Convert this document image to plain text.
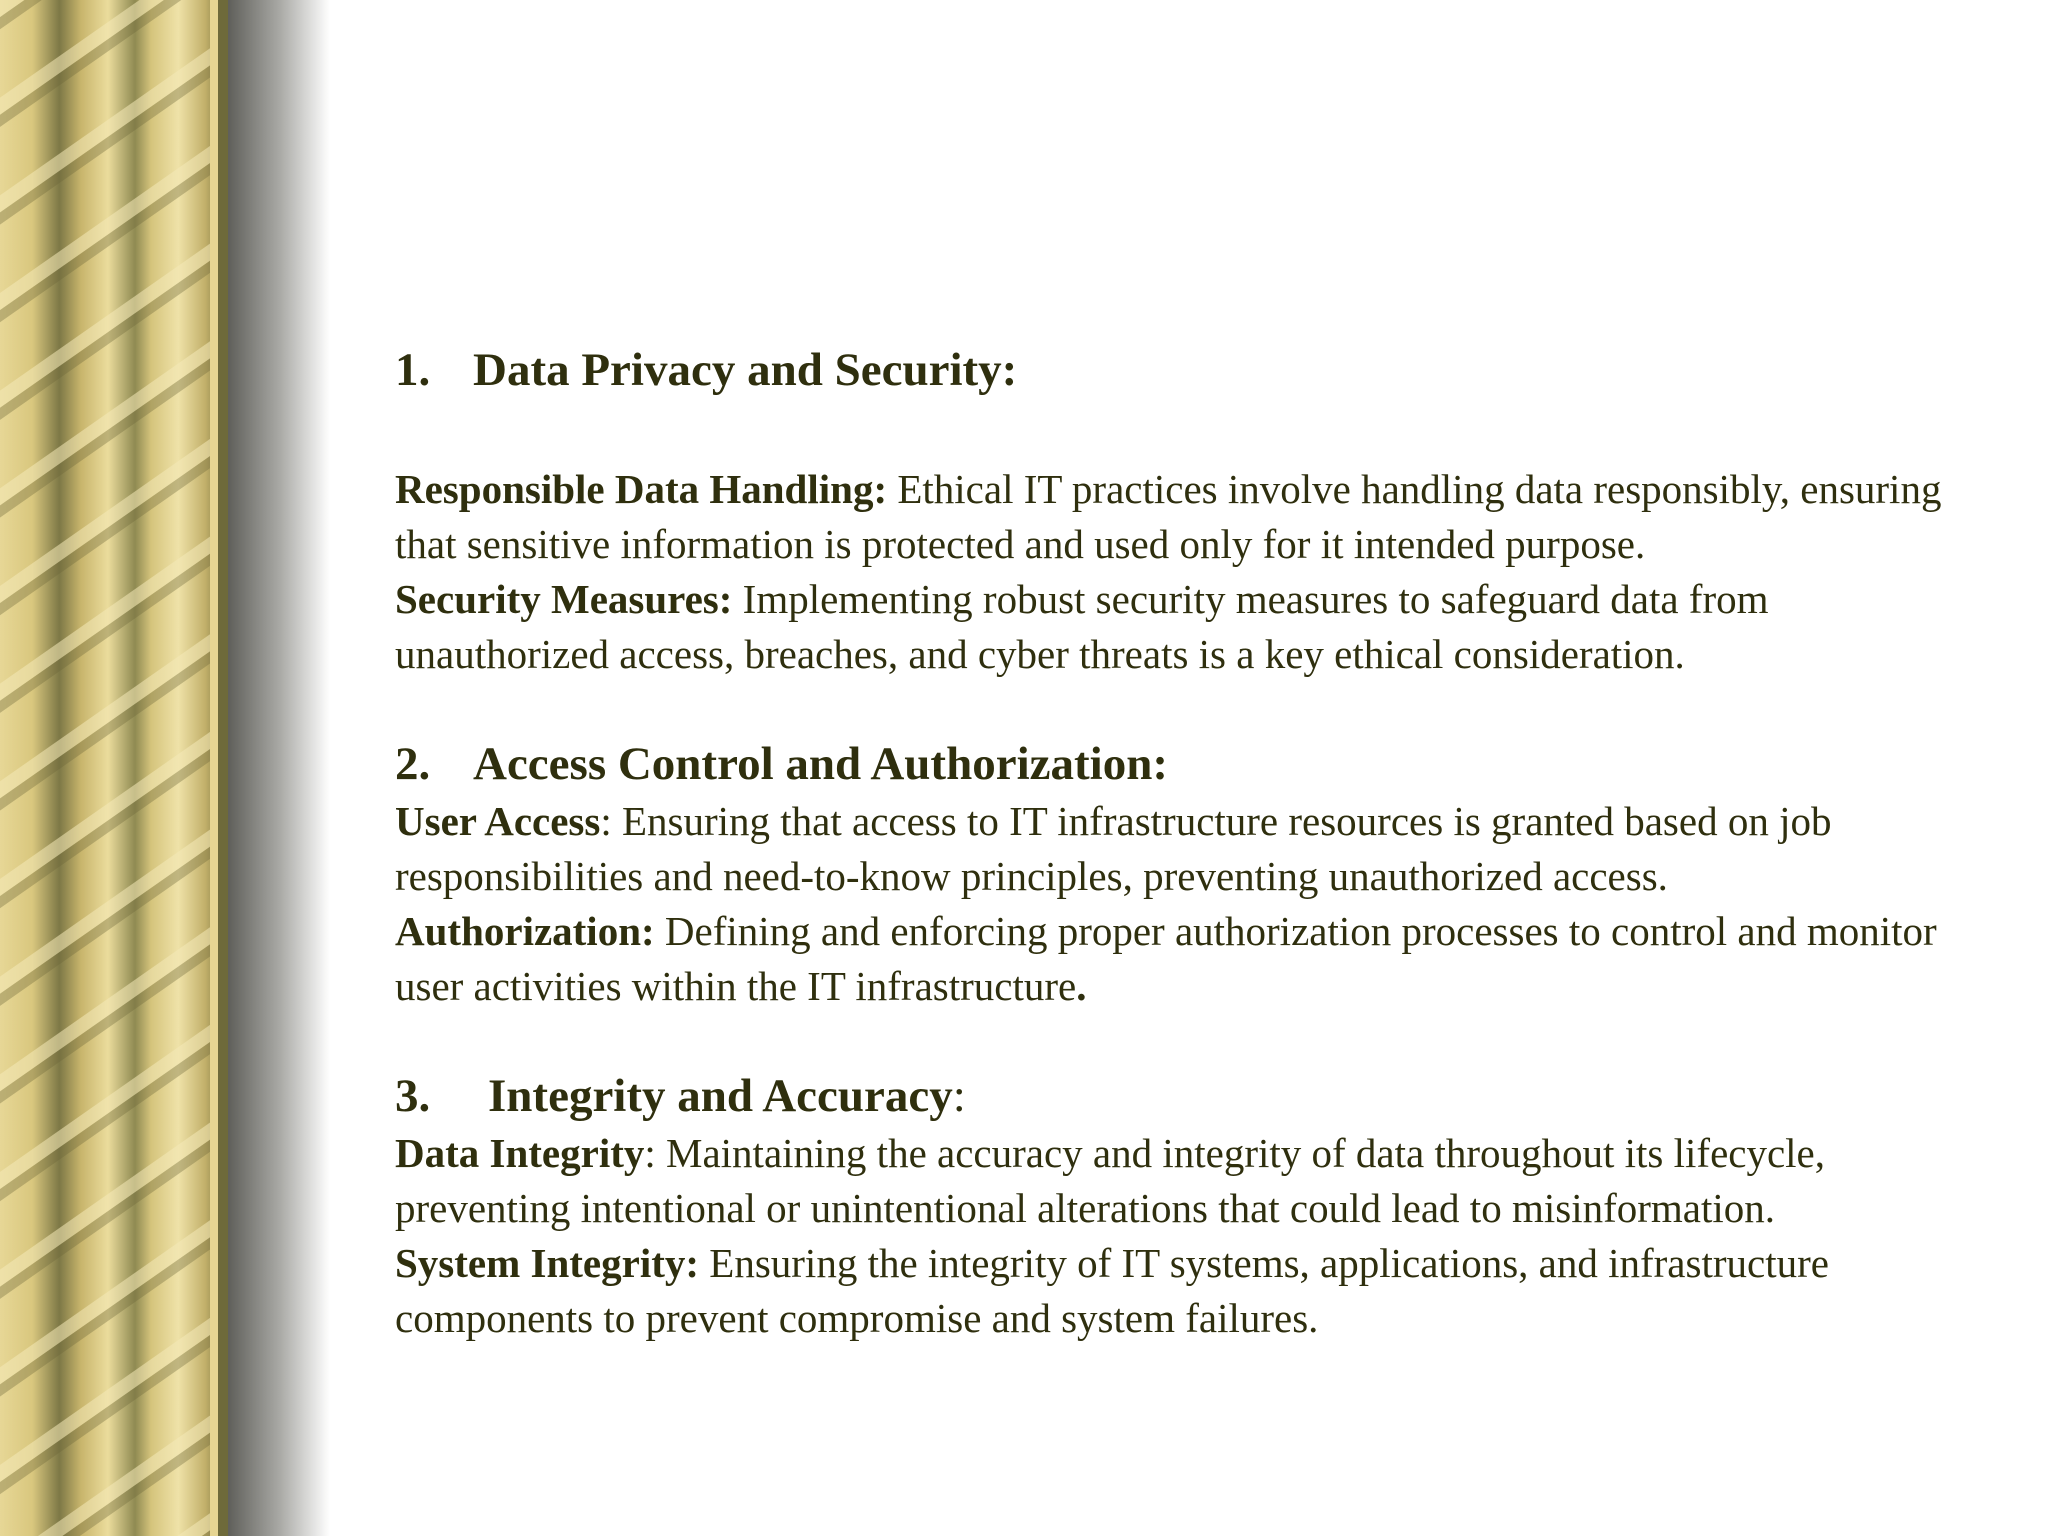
1. Data Privacy and Security:

Responsible Data Handling: Ethical IT practices involve handling data responsibly, ensuring that sensitive information is protected and used only for it intended purpose.

Security Measures: Implementing robust security measures to safeguard data from unauthorized access, breaches, and cyber threats is a key ethical consideration.

2. Access Control and Authorization:

User Access: Ensuring that access to IT infrastructure resources is granted based on job responsibilities and need-to-know principles, preventing unauthorized access.

Authorization: Defining and enforcing proper authorization processes to control and monitor user activities within the IT infrastructure.

3. Integrity and Accuracy:

Data Integrity: Maintaining the accuracy and integrity of data throughout its lifecycle, preventing intentional or unintentional alterations that could lead to misinformation.

System Integrity: Ensuring the integrity of IT systems, applications, and infrastructure components to prevent compromise and system failures.
